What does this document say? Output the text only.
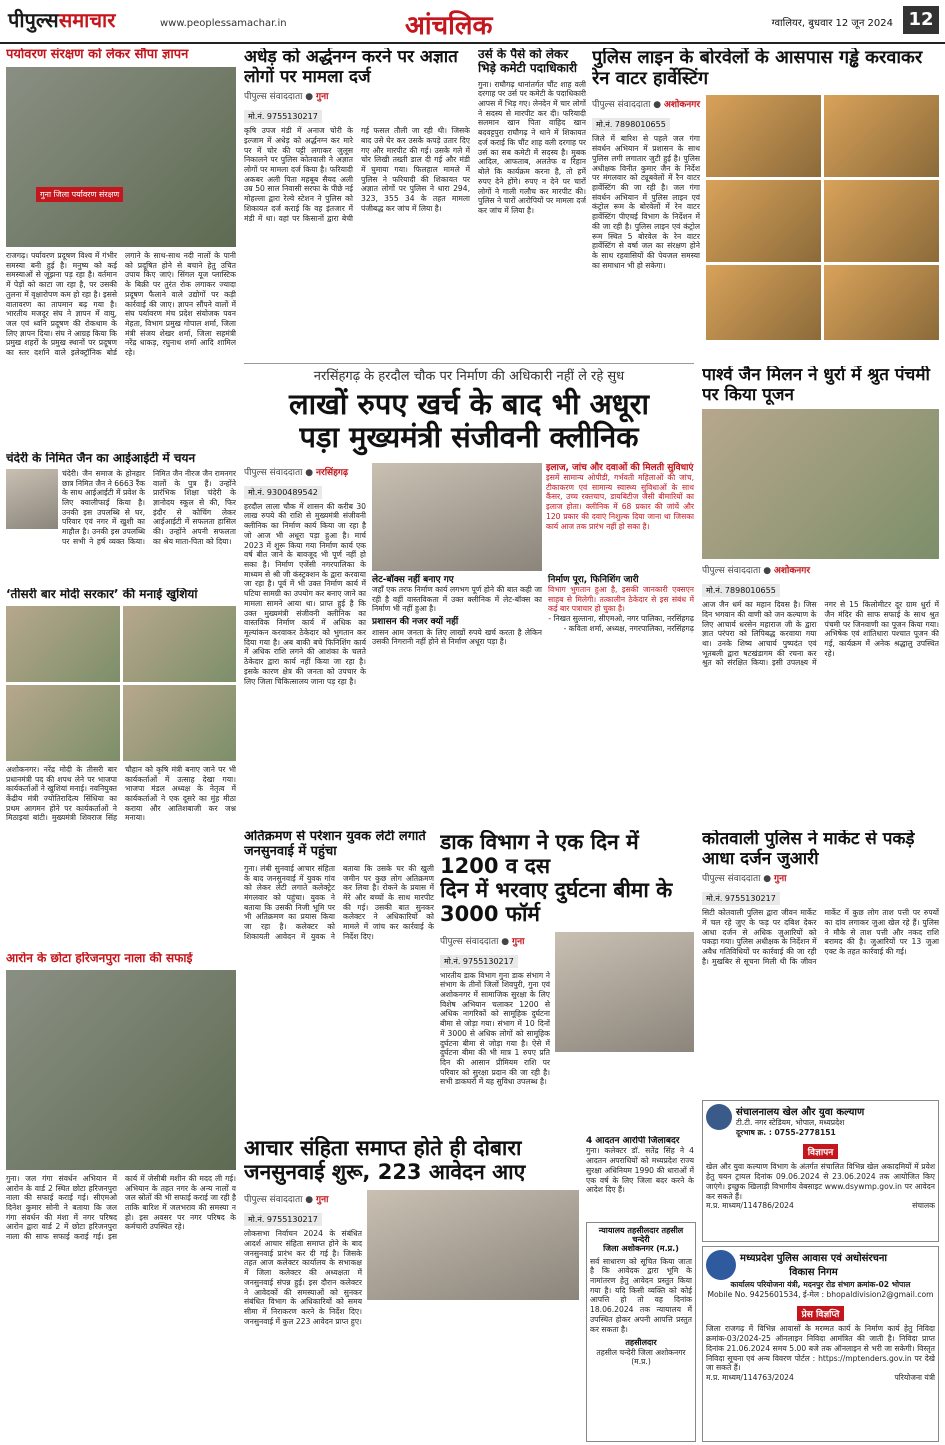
पीपुल्ससमाचार	www.peoplessamachar.in	आंचलिक	ग्वालियर, बुधवार 12 जून 2024 12
पर्यावरण संरक्षण को लेकर सौंपा ज्ञापन
गुना जिला पर्यावरण संरक्षण
राजगढ़। पर्यावरण प्रदूषण विश्व में गंभीर समस्या बनी हुई है। मनुष्य को कई समस्याओं से जूझना पड़ रहा है। वर्तमान में पेड़ों को काटा जा रहा है, पर उसकी तुलना में वृक्षारोपण कम हो रहा है। इससे वातावरण का तापमान बढ़ गया है। भारतीय मजदूर संघ ने ज्ञापन में वायु, जल एवं ध्वनि प्रदूषण की रोकथाम के लिए ज्ञापन दिया। संघ ने आग्रह किया कि प्रमुख शहरों के प्रमुख स्थानों पर प्रदूषण का स्तर दर्शाने वाले इलेक्ट्रॉनिक बोर्ड लगाने के साथ-साथ नदी नालों के पानी को प्रदूषित होने से बचाने हेतु उचित उपाय किए जाएं। सिंगल यूज प्लास्टिक के बिक्री पर तुरंत रोक लगाकर ज्यादा प्रदूषण फैलाने वाले उद्योगों पर कड़ी कार्रवाई की जाए। ज्ञापन सौंपने वालों में संघ पर्यावरण मंच प्रदेश संयोजक पवन मेहता, विभाग प्रमुख गोपाल शर्मा, जिला मंत्री संजय शेखर शर्मा, जिला सहमंत्री नरेंद्र धाकड़, रघुनाथ शर्मा आदि शामिल रहे।
अधेड़ को अर्द्धनग्न करने पर अज्ञात लोगों पर मामला दर्ज
पीपुल्स संवाददाता ● गुना
मो.नं. 9755130217
कृषि उपज मंडी में अनाज चोरी के इल्जाम में अधेड़ को अर्द्धनग्न कर मारे पर में चोर की पट्टी लगाकर जुलूस निकालने पर पुलिस कोतवाली ने अज्ञात लोगों पर मामला दर्ज किया है। फरियादी अकबर अली पिता महबूब सैयद अली उम्र 50 साल निवासी सरफा के पीछे नई मोहल्ला द्वारा रेल्वे स्टेशन ने पुलिस को शिकायत दर्ज कराई कि वह इंतजार में मंडी में था। वहां पर किसानों द्वारा बेची गई फसल तौली जा रही थी। जिसके बाद उसे घेर कर उसके कपड़े उतार दिए गए और मारपीट की गई। उसके गले में चोर लिखी तख्ती डाल दी गई और मंडी में घुमाया गया। फिलहाल मामले में पुलिस ने फरियादी की शिकायत पर अज्ञात लोगों पर पुलिस ने धारा 294, 323, 355 34 के तहत मामला पंजीबद्ध कर जांच में लिया है।
उर्स के पैसे को लेकर भिड़े कमेटी पदाधिकारी
गुना। राघौगढ़ थानांतर्गत चौंट शाह वली दरगाह पर उर्स पर कमेटी के पदाधिकारी आपस में भिड़ गए। लेनदेन में चार लोगों ने सदस्य से मारपीट कर दी। फरियादी सलमान खान पिता वाहिद खान बदवट्टपुरा राघौगढ़ ने थाने में शिकायत दर्ज कराई कि चौंट शाह वली दरगाह पर उर्स का सब कमेटी में सदस्य है। मुबक आदिल, आफताब, अलतेफ व रिहान बोले कि कार्यक्रम करना है, तो हमें रुपए देने होंगे। रुपए न देने पर चारों लोगों ने गाली गलौच कर मारपीट की। पुलिस ने चारों आरोपियों पर मामला दर्ज कर जांच में लिया है।
पुलिस लाइन के बोरवेलों के आसपास गड्ढे करवाकर रेन वाटर हार्वेस्टिंग
पीपुल्स संवाददाता ● अशोकनगर
मो.नं. 7898010655
जिले में बारिश से पहले जल गंगा संवर्धन अभियान में प्रशासन के साथ पुलिस लगी लगातार जुटी हुई है। पुलिस अधीक्षक विनीत कुमार जैन के निर्देश पर मंगलवार को ट्यूबवेलों में रैन वाटर हार्वेस्टिंग की जा रही है। जल गंगा संवर्धन अभियान में पुलिस लाइन एवं कंट्रोल रूम के बोरवेलों में रेन वाटर हार्वेस्टिंग पीएचई विभाग के निर्देशन में की जा रही है। पुलिस लाइन एवं कंट्रोल रूम स्थित 5 बोरवेल के रेन वाटर हार्वेस्टिंग से वर्षा जल का संरक्षण होने के साथ रहवासियों की पेयजल समस्या का समाधान भी हो सकेगा।
नरसिंहगढ़ के हरदौल चौक पर निर्माण की अधिकारी नहीं ले रहे सुध
लाखों रुपए खर्च के बाद भी अधूरा
पड़ा मुख्यमंत्री संजीवनी क्लीनिक
पीपुल्स संवाददाता ● नरसिंहगढ़
मो.नं. 9300489542
हरदौल लाला चौक में शासन की करीब 30 लाख रुपये की राशि से मुख्यमंत्री संजीवनी क्लीनिक का निर्माण कार्य किया जा रहा है जो आज भी अधूरा पड़ा हुआ है। मार्च 2023 में शुरू किया गया निर्माण कार्य एक वर्ष बीत जाने के बावजूद भी पूर्ण नहीं हो सका है। निर्माण एजेंसी नगरपालिका के माध्यम से श्री जी कंस्ट्रक्शन के द्वारा करवाया जा रहा है। पूर्व में भी उक्त निर्माण कार्य में घटिया सामग्री का उपयोग कर बनाए जाने का मामला सामने आया था। प्राप्त हुई है कि उक्त मुख्यमंत्री संजीवनी क्लीनिक का वास्तविक निर्माण कार्य में अधिक का मूल्यांकन करवाकर ठेकेदार को भुगतान कर दिया गया है। अब बाकी बचे फिनिशिंग कार्य में अधिक राशि लगने की आशंका के चलते ठेकेदार द्वारा कार्य नहीं किया जा रहा है। इसके कारण क्षेत्र की जनता को उपचार के लिए जिला चिकित्सालय जाना पड़ रहा है।
इलाज, जांच और दवाओं की मिलती सुविधाएं
इसमें सामान्य ओपीडी, गर्भवती महिलाओं की जांच, टीकाकरण एवं सामान्य स्वास्थ्य सुविधाओं के साथ कैंसर, उच्च रक्तचाप, डायबिटीज जैसी बीमारियों का इलाज होता। क्लीनिक में 68 प्रकार की जांचें और 120 प्रकार की दवाएं निशुल्क दिया जाना था जिसका कार्य आज तक प्रारंभ नहीं हो सका है।
लेट-बॉक्स नहीं बनाए गए
जहाँ एक तरफ निर्माण कार्य लगभग पूर्ण होने की बात कही जा रही है वहीं वास्तविकता में उक्त क्लीनिक में लेट-बॉक्स का निर्माण भी नहीं हुआ है।
प्रशासन की नजर क्यों नहीं
शासन आम जनता के लिए लाखों रुपये खर्च करता है लेकिन उसकी निगरानी नहीं होने से निर्माण अधूरा पड़ा है।
निर्माण पूरा, फिनिशिंग जारी
विभाग भुगतान हुआ है, इसकी जानकारी एक्सएन साहब से मिलेगी। तत्कालीन ठेकेदार से इस संबंध में कई बार पत्राचार हो चुका है।
- निखत सुल्ताना, सीएमओ, नगर पालिका, नरसिंहगढ़
- कविता शर्मा, अध्यक्ष, नगरपालिका, नरसिंहगढ़
पार्श्व जैन मिलन ने धुर्रा में श्रुत पंचमी पर किया पूजन
पीपुल्स संवाददाता ● अशोकनगर
मो.नं. 7898010655
आज जैन धर्म का महान दिवस है। जिस दिन भगवान की वाणी को जन कल्याण के लिए आचार्य धरसेन महाराज जी के द्वारा ज्ञात परंपरा को लिपिबद्ध करवाया गया था। उनके शिष्य आचार्य पुष्पदंत एवं भूतबली द्वारा षटखंडागम की रचना कर श्रुत को संरक्षित किया। इसी उपलक्ष्य में नगर से 15 किलोमीटर दूर ग्राम धुर्रा में जैन मंदिर की साफ सफाई के साथ श्रुत पंचमी पर जिनवाणी का पूजन किया गया। अभिषेक एवं शांतिधारा पश्चात पूजन की गई, कार्यक्रम में अनेक श्रद्धालु उपस्थित रहे।
चंदेरी के निमित जैन का आईआईटी में चयन
चंदेरी। जैन समाज के होनहार छात्र निमित जैन ने 6663 रैंक के साथ आईआईटी में प्रवेश के लिए क्वालीफाई किया है। उनकी इस उपलब्धि से घर, परिवार एवं नगर में खुशी का माहौल है। उनकी इस उपलब्धि पर सभी ने हर्ष व्यक्त किया। निमित जैन नीरज जैन रामनगर वालों के पुत्र हैं। उन्होंने प्रारंभिक शिक्षा चंदेरी के ज्ञानोदय स्कूल से की, फिर इंदौर से कोचिंग लेकर आईआईटी में सफलता हासिल की। उन्होंने अपनी सफलता का श्रेय माता-पिता को दिया।
‘तीसरी बार मोदी सरकार’ की मनाई खुशियां
अशोकनगर। नरेंद्र मोदी के तीसरी बार प्रधानमंत्री पद की शपथ लेने पर भाजपा कार्यकर्ताओं ने खुशियां मनाई। नवनियुक्त केंद्रीय मंत्री ज्योतिरादित्य सिंधिया का प्रथम आगमन होने पर कार्यकर्ताओं ने मिठाइयां बांटी। मुख्यमंत्री शिवराज सिंह चौहान को कृषि मंत्री बनाए जाने पर भी कार्यकर्ताओं में उत्साह देखा गया। भाजपा मंडल अध्यक्ष के नेतृत्व में कार्यकर्ताओं ने एक दूसरे का मुंह मीठा कराया और आतिशबाजी कर जश्न मनाया।
अतिक्रमण से परेशान युवक लेटी लगाते जनसुनवाई में पहुंचा
गुना। लंबी सुनवाई आचार संहिता के बाद जनसुनवाई में युवक गांव को लेकर लेटी लगाते कलेक्ट्रेट मंगलवार को पहुंचा। युवक ने बताया कि उसकी निजी भूमि पर भी अतिक्रमण का प्रयास किया जा रहा है। कलेक्टर को शिकायती आवेदन में युवक ने बताया कि उसके घर की खुली जमीन पर कुछ लोग अतिक्रमण कर लिया है। रोकने के प्रयास में मेरे और बच्चों के साथ मारपीट की गई। उसकी बात सुनकर कलेक्टर ने अधिकारियों को मामले में जांच कर कार्रवाई के निर्देश दिए।
डाक विभाग ने एक दिन में 1200 व दस
दिन में भरवाए दुर्घटना बीमा के 3000 फॉर्म
पीपुल्स संवाददाता ● गुना
मो.नं. 9755130217
भारतीय डाक विभाग गुना डाक संभाग ने संभाग के तीनों जिलों शिवपुरी, गुना एवं अशोकनगर में सामाजिक सुरक्षा के लिए विशेष अभियान चलाकर 1200 से अधिक नागरिकों को सामूहिक दुर्घटना बीमा से जोड़ा गया। संभाग में 10 दिनों में 3000 से अधिक लोगों को सामूहिक दुर्घटना बीमा से जोड़ा गया है। ऐसे में दुर्घटना बीमा की भी मात्र 1 रुपए प्रति दिन की आसान प्रीमियम राशि पर परिवार को सुरक्षा प्रदान की जा रही है। सभी डाकघरों में यह सुविधा उपलब्ध है।
कोतवाली पुलिस ने मार्केट से पकड़े आधा दर्जन जुआरी
पीपुल्स संवाददाता ● गुना
मो.नं. 9755130217
सिटी कोतवाली पुलिस द्वारा जीवन मार्केट में चल रहे जुए के फड़ पर दबिश देकर आधा दर्जन से अधिक जुआरियों को पकड़ा गया। पुलिस अधीक्षक के निर्देशन में अवैध गतिविधियों पर कार्रवाई की जा रही है। मुखबिर से सूचना मिली थी कि जीवन मार्केट में कुछ लोग ताश पत्ती पर रुपयों का दांव लगाकर जुआ खेल रहे हैं। पुलिस ने मौके से ताश पत्ती और नकद राशि बरामद की है। जुआरियों पर 13 जुआ एक्ट के तहत कार्रवाई की गई।
संचालनालय खेल और युवा कल्याण
टी.टी. नगर स्टेडियम, भोपाल, मध्यप्रदेश
दूरभाष क्र. : 0755-2778151
विज्ञापन
खेल और युवा कल्याण विभाग के अंतर्गत संचालित विभिन्न खेल अकादमियों में प्रवेश हेतु चयन ट्रायल दिनांक 09.06.2024 से 23.06.2024 तक आयोजित किए जाएंगे। इच्छुक खिलाड़ी विभागीय वेबसाइट www.dsywmp.gov.in पर आवेदन कर सकते हैं।
म.प्र. माध्यम/114786/2024	संचालक
आरोन के छोटा हरिजनपुरा नाला की सफाई
गुना। जल गंगा संवर्धन अभियान में आरोन के वार्ड 2 स्थित छोटा हरिजनपुरा नाला की सफाई कराई गई। सीएमओ दिनेश कुमार सोनी ने बताया कि जल गंगा संवर्धन की मंशा में नगर परिषद आरोन द्वारा वार्ड 2 में छोटा हरिजनपुरा नाला की साफ सफाई कराई गई। इस कार्य में जेसीबी मशीन की मदद ली गई। अभियान के तहत नगर के अन्य नालों व जल स्रोतों की भी सफाई कराई जा रही है ताकि बारिश में जलभराव की समस्या न हो। इस अवसर पर नगर परिषद के कर्मचारी उपस्थित रहे।
आचार संहिता समाप्त होते ही दोबारा
जनसुनवाई शुरू, 223 आवेदन आए
पीपुल्स संवाददाता ● गुना
मो.नं. 9755130217
लोकसभा निर्वाचन 2024 के संबंधित आदर्श आचार संहिता समाप्त होने के बाद जनसुनवाई प्रारंभ कर दी गई है। जिसके तहत आज कलेक्टर कार्यालय के सभाकक्ष में जिला कलेक्टर की अध्यक्षता में जनसुनवाई संपन्न हुई। इस दौरान कलेक्टर ने आवेदकों की समस्याओं को सुनकर संबंधित विभाग के अधिकारियों को समय सीमा में निराकरण करने के निर्देश दिए। जनसुनवाई में कुल 223 आवेदन प्राप्त हुए।
4 आदतन आरोपी जिलाबदर
गुना। कलेक्टर डॉ. सतेंद्र सिंह ने 4 आदतन अपराधियों को मध्यप्रदेश राज्य सुरक्षा अधिनियम 1990 की धाराओं में एक वर्ष के लिए जिला बदर करने के आदेश दिए हैं।
न्यायालय तहसीलदार तहसील चन्देरी
जिला अशोकनगर (म.प्र.)
सर्व साधारण को सूचित किया जाता है कि आवेदक द्वारा भूमि के नामांतरण हेतु आवेदन प्रस्तुत किया गया है। यदि किसी व्यक्ति को कोई आपत्ति हो तो वह दिनांक 18.06.2024 तक न्यायालय में उपस्थित होकर अपनी आपत्ति प्रस्तुत कर सकता है।
तहसीलदार
तहसील चन्देरी जिला अशोकनगर (म.प्र.)
मध्यप्रदेश पुलिस आवास एवं अधोसंरचना
विकास निगम
कार्यालय परियोजना यंत्री, मदनपुर रोड संभाग क्रमांक-02 भोपाल
Mobile No. 9425601534, ई-मेल : bhopaldivision2@gmail.com
प्रेस विज्ञप्ति
जिला राजगढ़ में विभिन्न आवासों के मरम्मत कार्य के निर्माण कार्य हेतु निविदा क्रमांक-03/2024-25 ऑनलाइन निविदा आमंत्रित की जाती है। निविदा प्राप्त दिनांक 21.06.2024 समय 5.00 बजे तक ऑनलाइन से भरी जा सकेगी। विस्तृत निविदा सूचना एवं अन्य विवरण पोर्टल : https://mptenders.gov.in पर देखे जा सकते हैं।
म.प्र. माध्यम/114763/2024	परियोजना यंत्री
